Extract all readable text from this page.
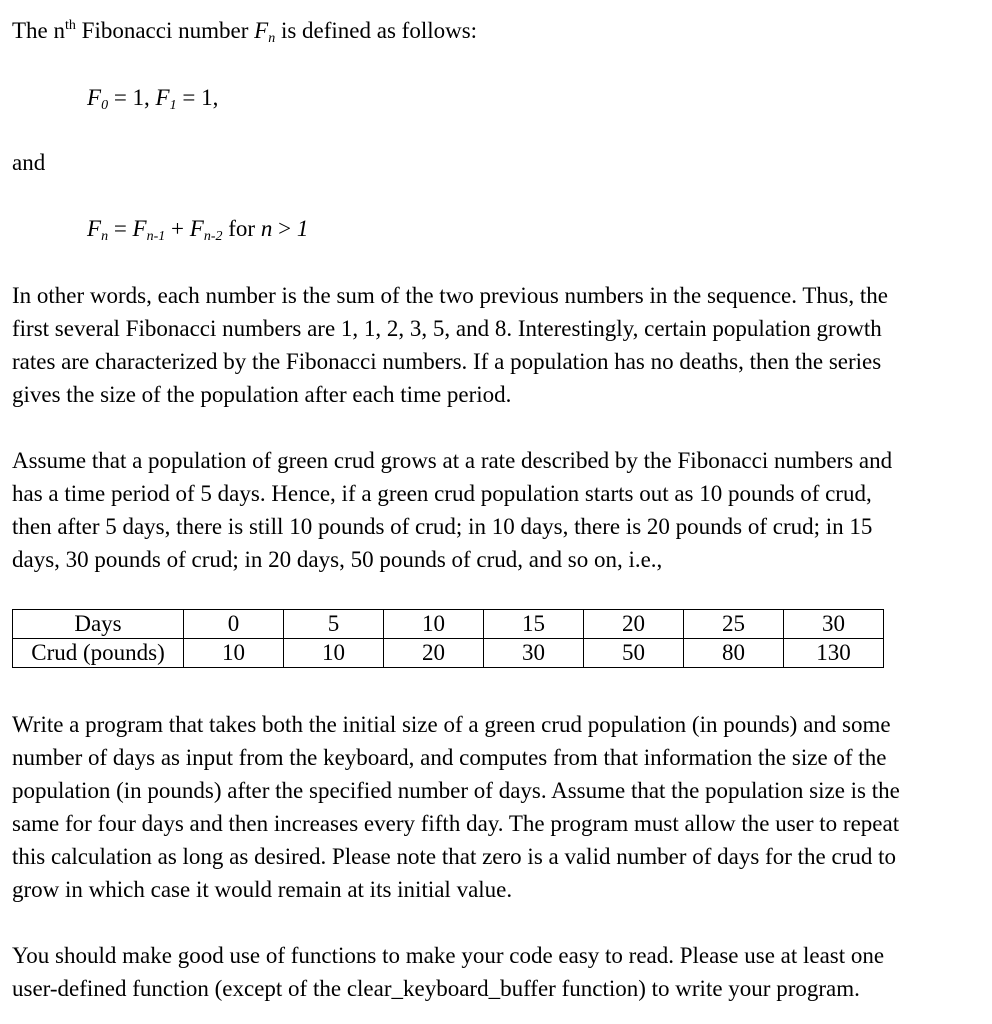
The $n^{th}$ Fibonacci number $F_n$ is defined as follows:
$F_0 = 1$, $F_1 = 1$,
and
$F_n = F_{n-1} + F_{n-2}$ for n > 1
In other words, each number is the sum of the two previous numbers in the sequence. Thus, the
first several Fibonacci numbers are 1, 1, 2, 3, 5, and 8. Interestingly, certain population growth
rates are characterized by the Fibonacci numbers. If a population has no deaths, then the series
gives the size of the population after each time period.
Assume that a population of green crud grows at a rate described by the Fibonacci numbers and
has a time period of 5 days. Hence, if a green crud population starts out as 10 pounds of crud,
then after 5 days, there is still 10 pounds of crud; in 10 days, there is 20 pounds of crud; in 15
days, 30 pounds of crud; in 20 days, 50 pounds of crud, and so on, i.e.,
Days	0	5	10	15	20	25	30
Crud (pounds)	10	10	20	30	50	80	130
Write a program that takes both the initial size of a green crud population (in pounds) and some
number of days as input from the keyboard, and computes from that information the size of the
population (in pounds) after the specified number of days. Assume that the population size is the
same for four days and then increases every fifth day. The program must allow the user to repeat
this calculation as long as desired. Please note that zero is a valid number of days for the crud to
grow in which case it would remain at its initial value.
You should make good use of functions to make your code easy to read. Please use at least one
user-defined function (except of the clear_keyboard_buffer function) to write your program.
